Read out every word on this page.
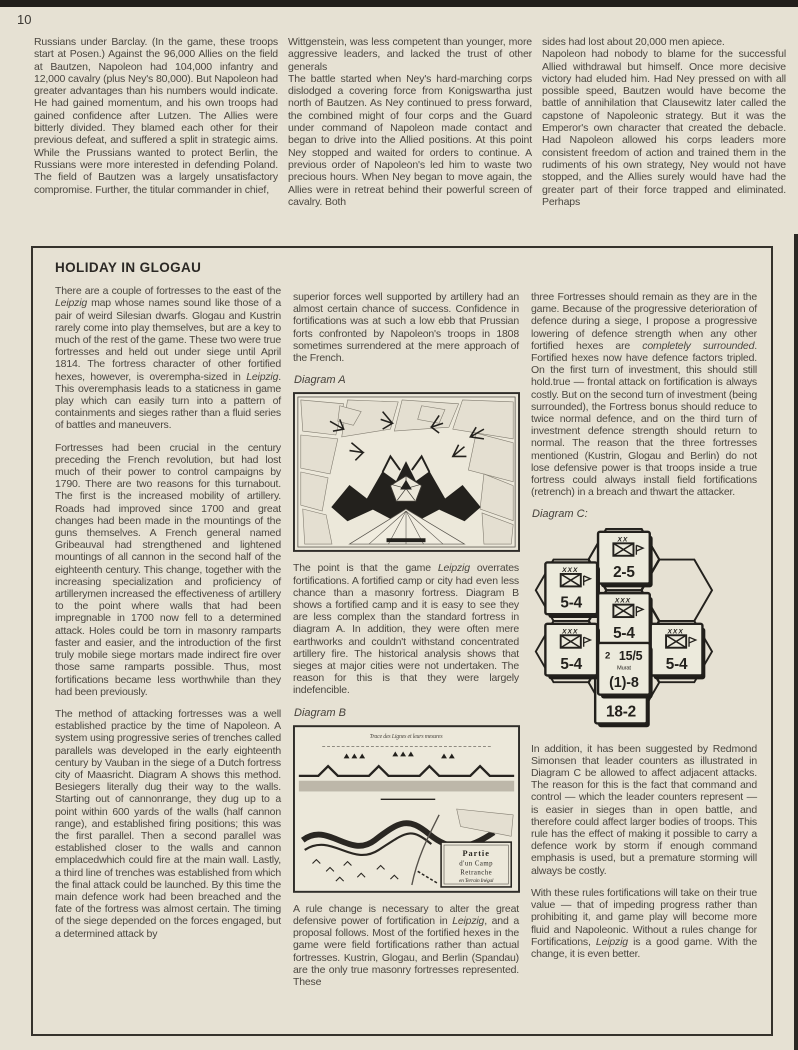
10

Russians under Barclay. (In the game, these troops start at Posen.) Against the 96,000 Allies on the field at Bautzen, Napoleon had 104,000 infantry and 12,000 cavalry (plus Ney's 80,000). But Napoleon had greater advantages than his numbers would indicate. He had gained momentum, and his own troops had gained confidence after Lutzen. The Allies were bitterly divided. They blamed each other for their previous defeat, and suffered a split in strategic aims. While the Prussians wanted to protect Berlin, the Russians were more interested in defending Poland. The field of Bautzen was a largely unsatisfactory compromise. Further, the titular commander in chief,

Wittgenstein, was less competent than younger, more aggressive leaders, and lacked the trust of other generals

The battle started when Ney's hard-marching corps dislodged a covering force from Konigswartha just north of Bautzen. As Ney continued to press forward, the combined might of four corps and the Guard under command of Napoleon made contact and began to drive into the Allied positions. At this point Ney stopped and waited for orders to continue. A previous order of Napoleon's led him to waste two precious hours. When Ney began to move again, the Allies were in retreat behind their powerful screen of cavalry. Both

sides had lost about 20,000 men apiece.

Napoleon had nobody to blame for the successful Allied withdrawal but himself. Once more decisive victory had eluded him. Had Ney pressed on with all possible speed, Bautzen would have become the battle of annihilation that Clausewitz later called the capstone of Napoleonic strategy. But it was the Emperor's own character that created the debacle. Had Napoleon allowed his corps leaders more consistent freedom of action and trained them in the rudiments of his own strategy, Ney would not have stopped, and the Allies surely would have had the greater part of their force trapped and eliminated. Perhaps

HOLIDAY IN GLOGAU

There are a couple of fortresses to the east of the Leipzig map whose names sound like those of a pair of weird Silesian dwarfs. Glogau and Kustrin rarely come into play themselves, but are a key to much of the rest of the game. These two were true fortresses and held out under siege until April 1814. The fortress character of other fortified hexes, however, is overempha-sized in Leipzig. This overemphasis leads to a staticness in game play which can easily turn into a pattern of containments and sieges rather than a fluid series of battles and maneuvers.

Fortresses had been crucial in the century preceding the French revolution, but had lost much of their power to control campaigns by 1790. There are two reasons for this turnabout. The first is the increased mobility of artillery. Roads had improved since 1700 and great changes had been made in the mountings of the guns themselves. A French general named Gribeauval had strengthened and lightened mountings of all cannon in the second half of the eighteenth century. This change, together with the increasing specialization and proficiency of artillerymen increased the effectiveness of artillery to the point where walls that had been impregnable in 1700 now fell to a determined attack. Holes could be torn in masonry ramparts faster and easier, and the introduction of the first truly mobile siege mortars made indirect fire over those same ramparts possible. Thus, most fortifications became less worthwhile than they had been previously.

The method of attacking fortresses was a well established practice by the time of Napoleon. A system using progressive series of trenches called parallels was developed in the early eighteenth century by Vauban in the siege of a Dutch fortress city of Maasricht. Diagram A shows this method. Besiegers literally dug their way to the walls. Starting out of cannonrange, they dug up to a point within 600 yards of the walls (half cannon range), and established firing positions; this was the first parallel. Then a second parallel was established closer to the walls and cannon emplacedwhich could fire at the main wall. Lastly, a third line of trenches was established from which the final attack could be launched. By this time the main defence work had been breached and the fate of the fortress was almost certain. The timing of the siege depended on the forces engaged, but a determined attack by

superior forces well supported by artillery had an almost certain chance of success. Confidence in fortifications was at such a low ebb that Prussian forts confronted by Napoleon's troops in 1808 sometimes surrendered at the mere approach of the French.

Diagram A

The point is that the game Leipzig overrates fortifications. A fortified camp or city had even less chance than a masonry fortress. Diagram B shows a fortified camp and it is easy to see they are less complex than the standard fortress in diagram A. In addition, they were often mere earthworks and couldn't withstand concentrated artillery fire. The historical analysis shows that sieges at major cities were not undertaken. The reason for this is that they were largely indefencible.

Diagram B
Trace des Lignes et leurs mesures
Partie
d'un Camp
Retranche
en Terrain Inégal

A rule change is necessary to alter the great defensive power of fortification in Leipzig, and a proposal follows. Most of the fortified hexes in the game were field fortifications rather than actual fortresses. Kustrin, Glogau, and Berlin (Spandau) are the only true masonry fortresses represented. These

three Fortresses should remain as they are in the game. Because of the progressive deterioration of defence during a siege, I propose a progressive lowering of defence strength when any other fortified hexes are completely surrounded. Fortified hexes now have defence factors tripled. On the first turn of investment, this should still hold.true — frontal attack on fortification is always costly. But on the second turn of investment (being surrounded), the Fortress bonus should reduce to twice normal defence, and on the third turn of investment defence strength should return to normal. The reason that the three fortresses mentioned (Kustrin, Glogau and Berlin) do not lose defensive power is that troops inside a true fortress could always install field fortifications (retrench) in a breach and thwart the attacker.

Diagram C:
18-2
XX
2-5
XXX
5-4	XXX
5-4
XXX
5-4
XXX
5-4
2 15/5
Murat
(1)-8

In addition, it has been suggested by Redmond Simonsen that leader counters as illustrated in Diagram C be allowed to affect adjacent attacks. The reason for this is the fact that command and control — which the leader counters represent — is easier in sieges than in open battle, and therefore could affect larger bodies of troops. This rule has the effect of making it possible to carry a defence work by storm if enough command emphasis is used, but a premature storming will always be costly.

With these rules fortifications will take on their true value — that of impeding progress rather than prohibiting it, and game play will become more fluid and Napoleonic. Without a rules change for Fortifications, Leipzig is a good game. With the change, it is even better.
